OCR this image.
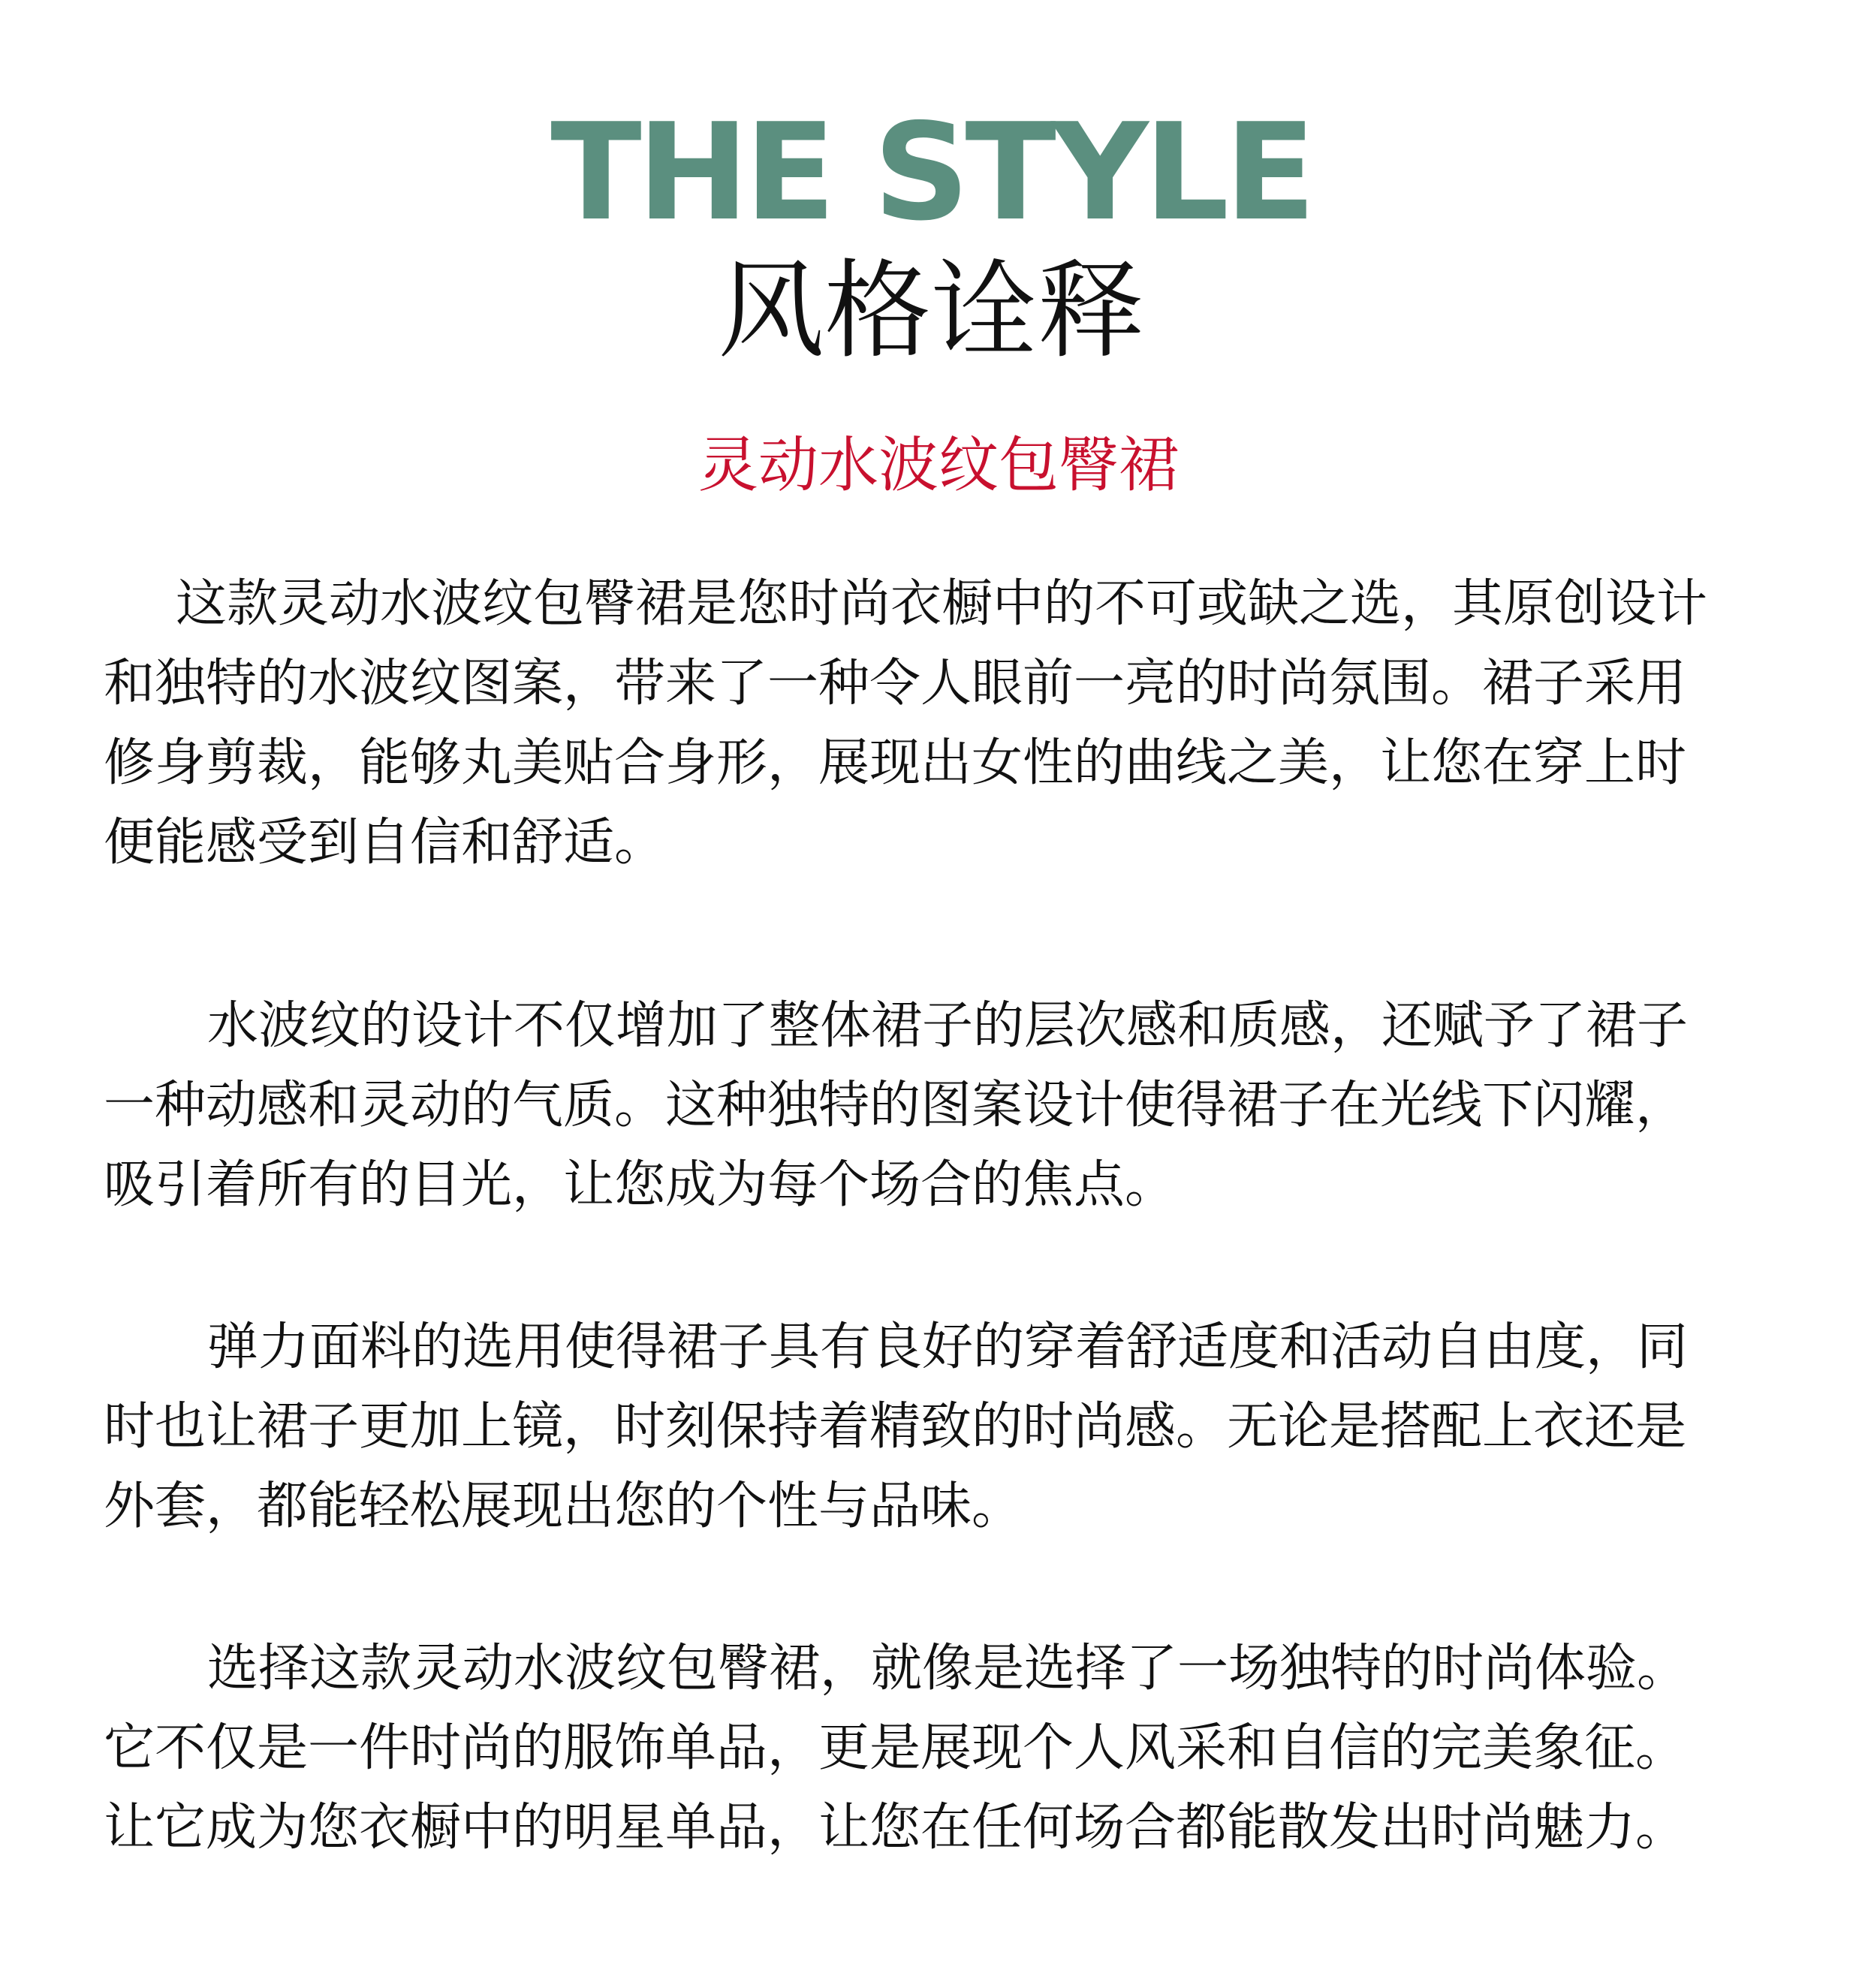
THE STYLE
风格诠释
灵动水波纹包臀裙

这款灵动水波纹包臀裙是您时尚衣橱中的不可或缺之选，其原创设计
和独特的水波纹图案，带来了一种令人眼前一亮的时尚氛围。裙子采用
修身剪裁，能够丸美贴合身形，展现出女性的曲线之美，让您在穿上时
便能感受到自信和舒适。

水波纹的设计不仅增加了整体裙子的层次感和质感，还赋予了裙子
一种动感和灵动的气质。这种独特的图案设计使得裙子在光线下闪耀，
吸引着所有的目光，让您成为每个场合的焦点。

弹力面料的选用使得裙子具有良好的穿着舒适度和活动自由度，同
时也让裙子更加上镜，时刻保持着精致的时尚感。无论是搭配上衣还是
外套，都能轻松展现出您的个性与品味。

选择这款灵动水波纹包臀裙，就像是选择了一场独特的时尚体验。
它不仅是一件时尚的服饰单品，更是展现个人风采和自信的完美象征。
让它成为您衣橱中的明星单品，让您在任何场合都能散发出时尚魅力。
